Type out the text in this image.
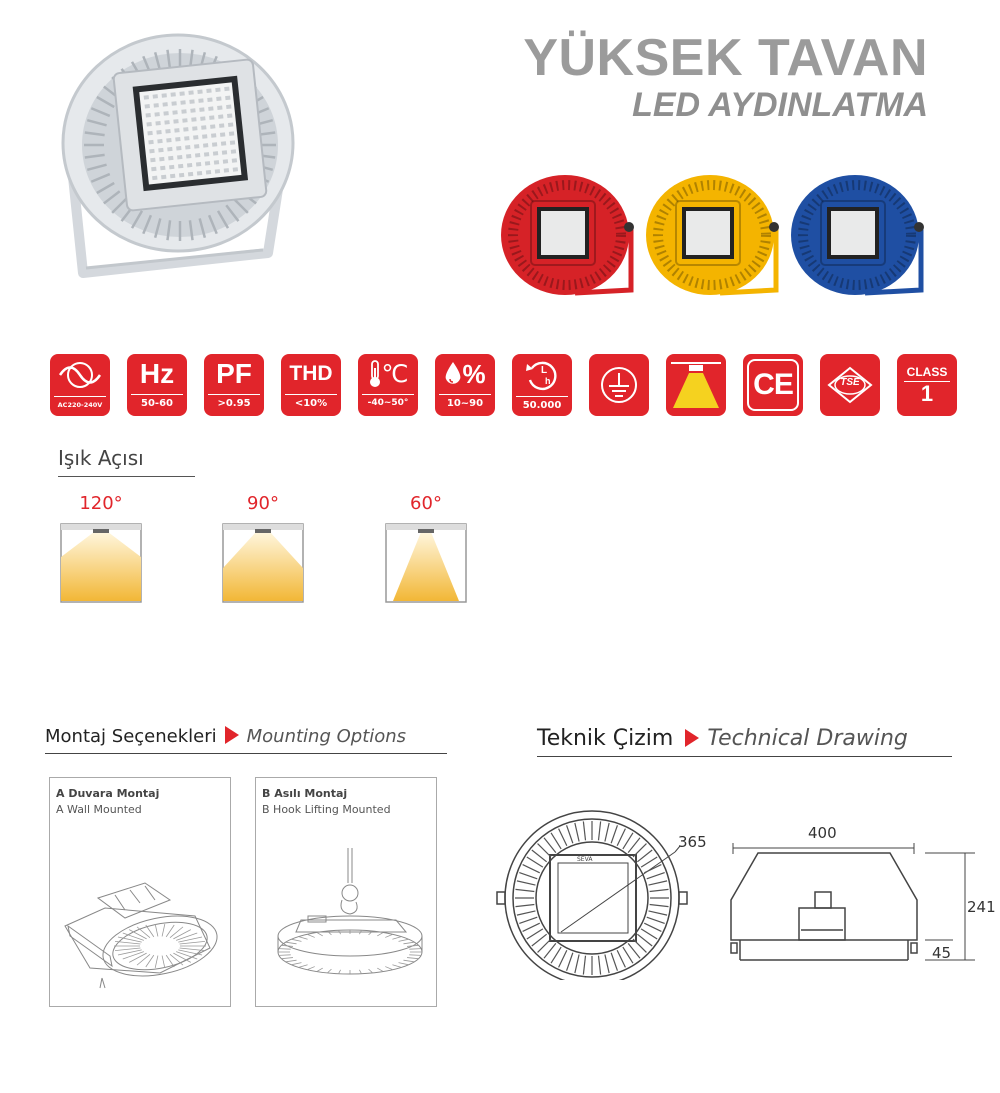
YÜKSEK TAVAN
LED AYDINLATMA
AC220-240V
Hz
50-60
PF
>0.95
THD
<10%
℃
-40~50°
%
10~90
L
h
50.000
CE	TSE
CLASS
1
Işık Açısı
120°	90°	60°
Montaj Seçenekleri Mounting Options
A Duvara Montaj
A Wall Mounted
B Asılı Montaj
B Hook Lifting Mounted
Teknik Çizim Technical Drawing
SEVA
365	400
241
45
